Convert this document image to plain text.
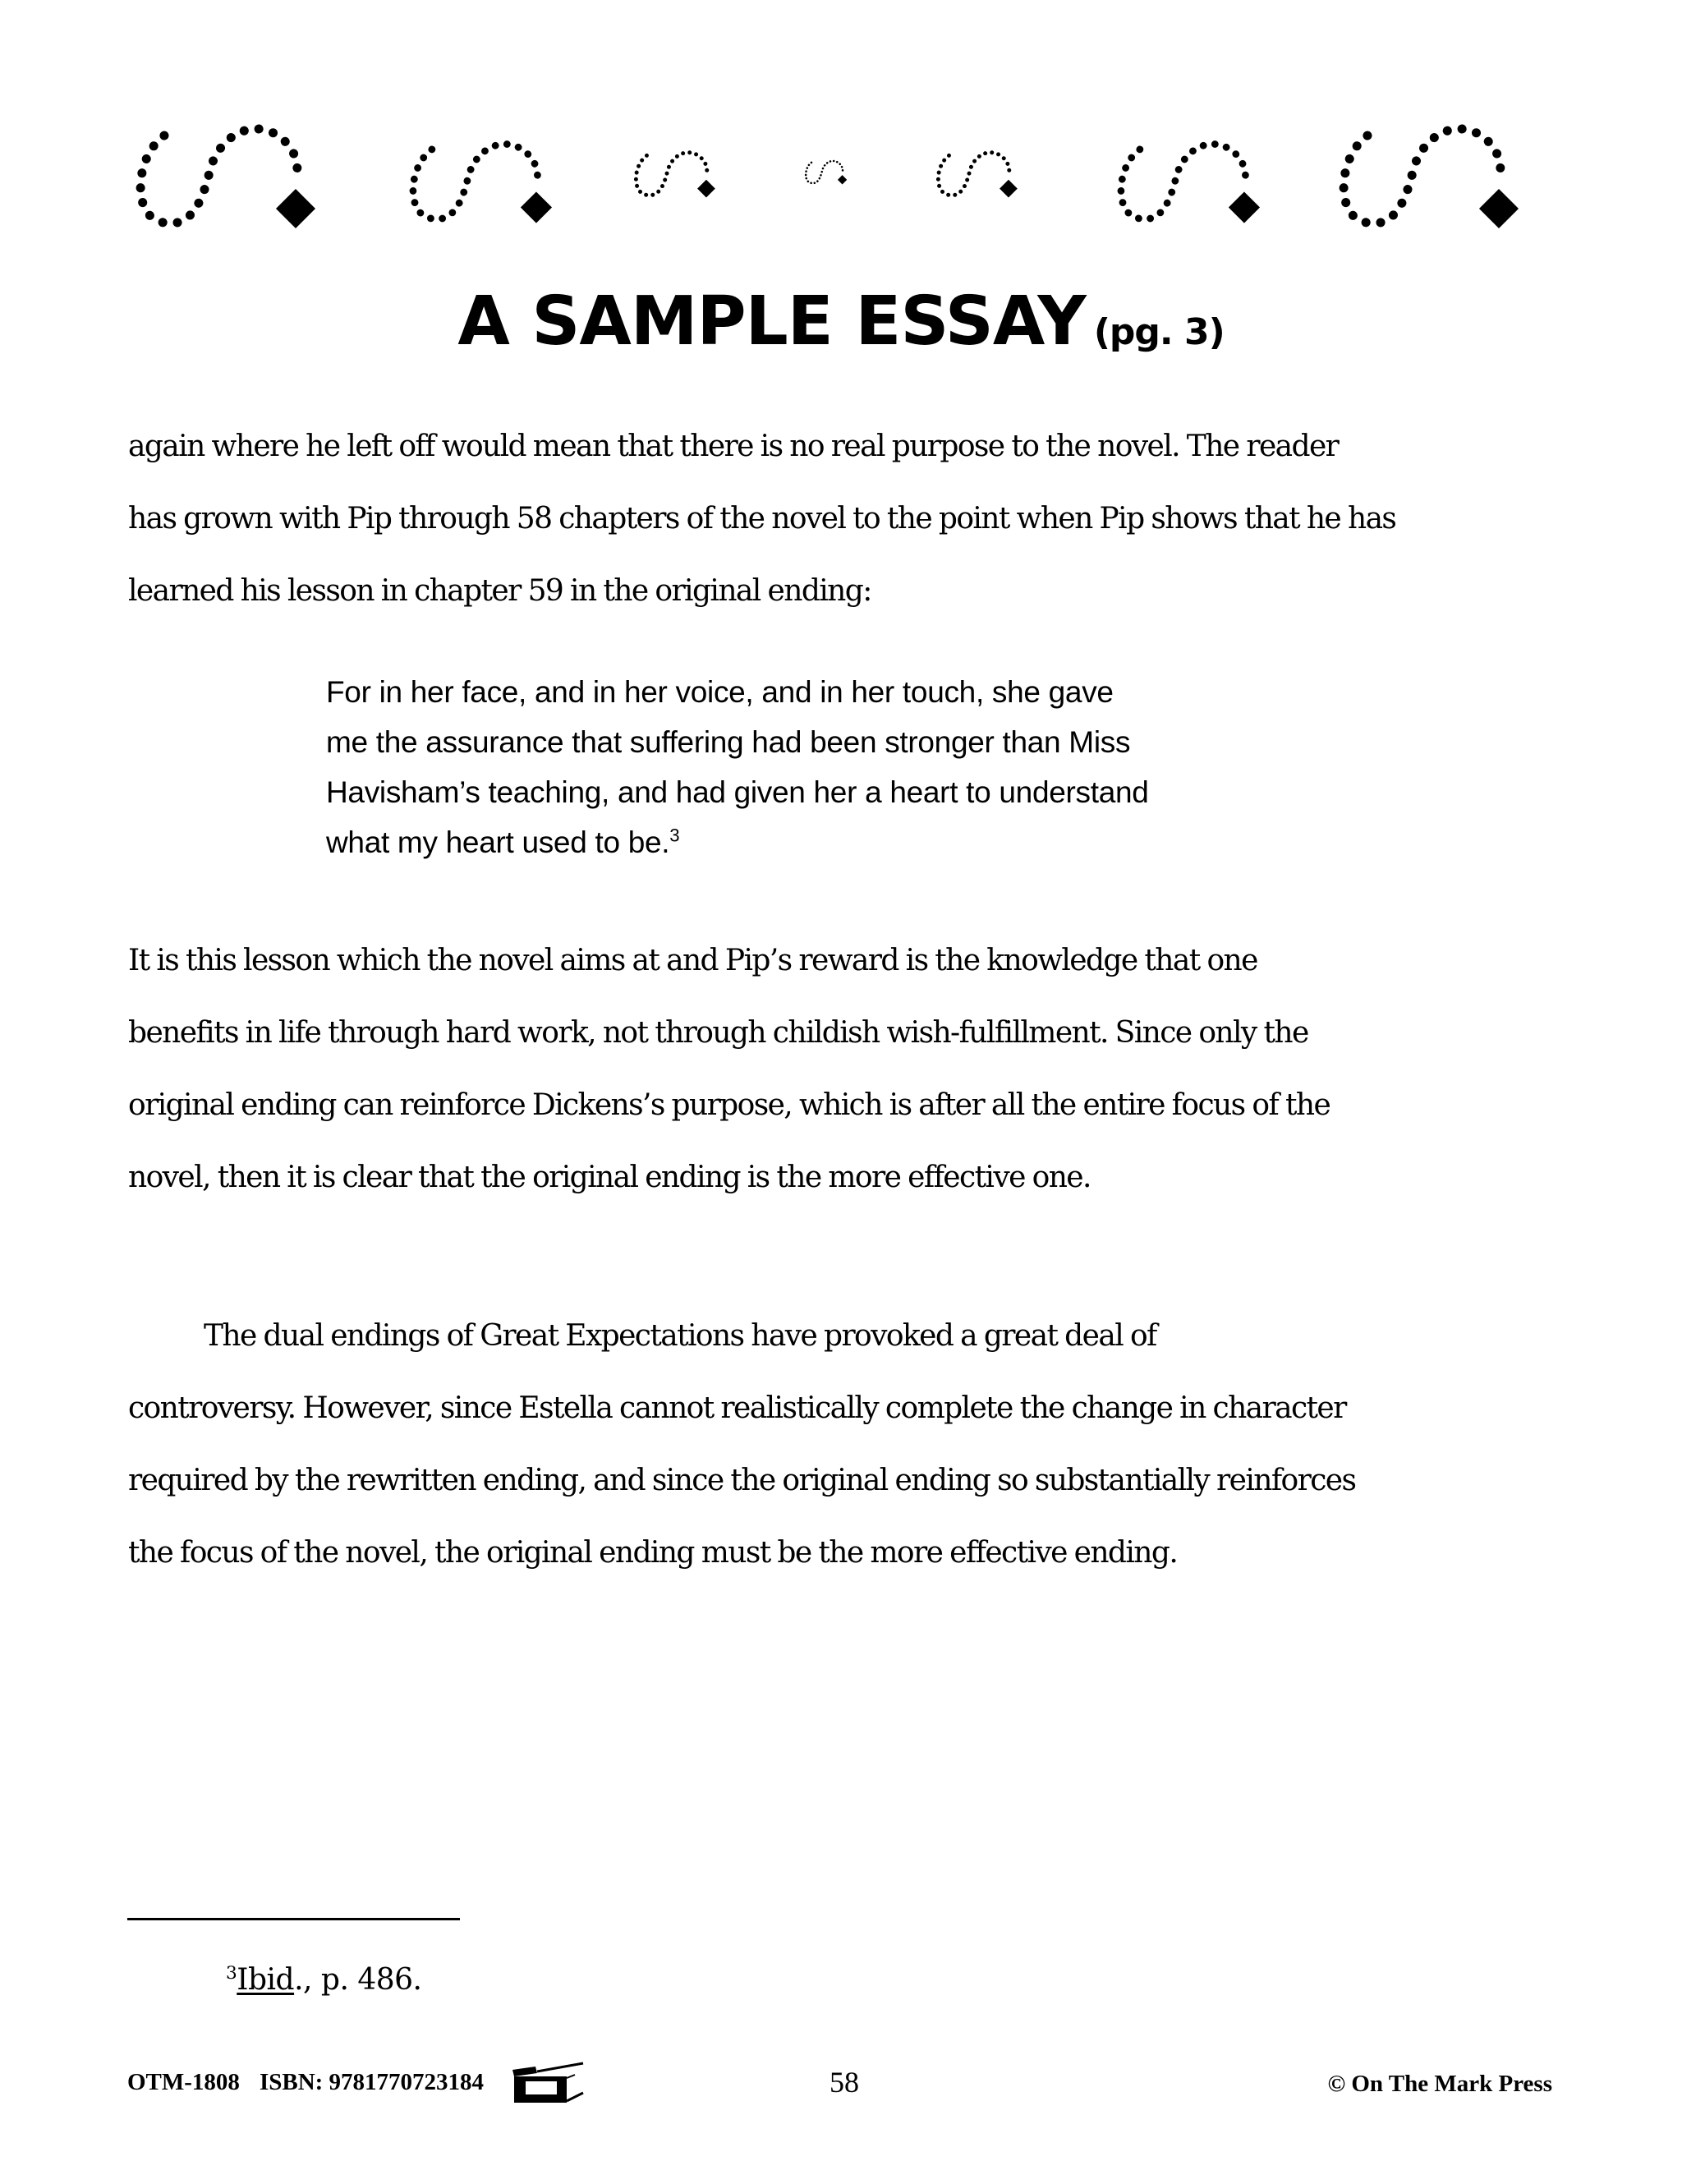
A SAMPLE ESSAY (pg. 3)
again where he left off would mean that there is no real purpose to the novel. The reader
has grown with Pip through 58 chapters of the novel to the point when Pip shows that he has
learned his lesson in chapter 59 in the original ending:
For in her face, and in her voice, and in her touch, she gave
me the assurance that suffering had been stronger than Miss
Havisham’s teaching, and had given her a heart to understand
what my heart used to be.$^3$
It is this lesson which the novel aims at and Pip’s reward is the knowledge that one
benefits in life through hard work, not through childish wish-fulfillment. Since only the
original ending can reinforce Dickens’s purpose, which is after all the entire focus of the
novel, then it is clear that the original ending is the more effective one.
The dual endings of Great Expectations have provoked a great deal of
controversy. However, since Estella cannot realistically complete the change in character
required by the rewritten ending, and since the original ending so substantially reinforces
the focus of the novel, the original ending must be the more effective ending.
$^3$Ibid., p. 486.
OTM-1808 ISBN: 9781770723184	58	© On The Mark Press
